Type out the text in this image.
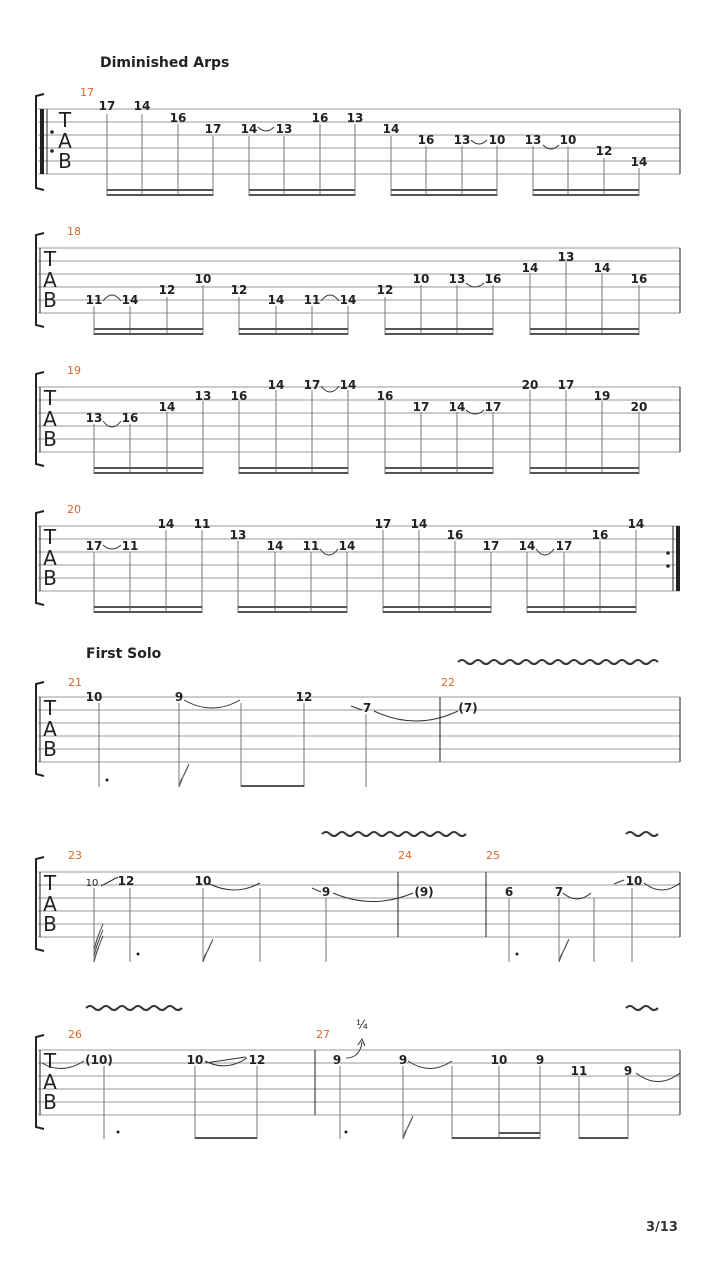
Diminished Arps
First Solo
T
A
B
17
17 14
16
17 14 13
16 13
14
16 13 10 13 10
12
14
T
A
B
18
11 14
12
10
12
14 11 14
12
10 13 16
14
13
14
16
T
A
B
19
13 16
14
13 16
14 17 14
16
17 14 17
20 17
19
20
T
A
B
20
17 11
14 11
13
14 11 14
17 14
16
17 14 17
16
14
T
A
B
21	22
10	9	12
7	(7)
T
A
B
23	24	25
10 12	10
9	(9)	6	7
10
T
A
B
26	27
¼
(10)	10	12	9	9	10 9
11	9
3/13
